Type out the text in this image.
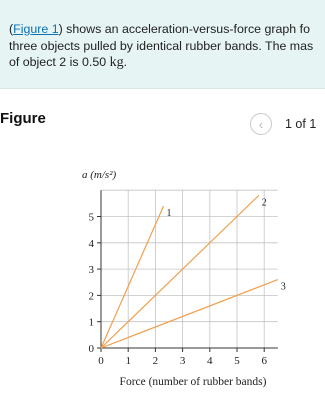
(Figure 1) shows an acceleration-versus-force graph fo
three objects pulled by identical rubber bands. The mas
of object 2 is 0.50 kg.
Figure	‹ 1 of 1
a (m/s²)
0 1 2 3 4 5 6
0
1
2
3
4
5	1
2
3
Force (number of rubber bands)
